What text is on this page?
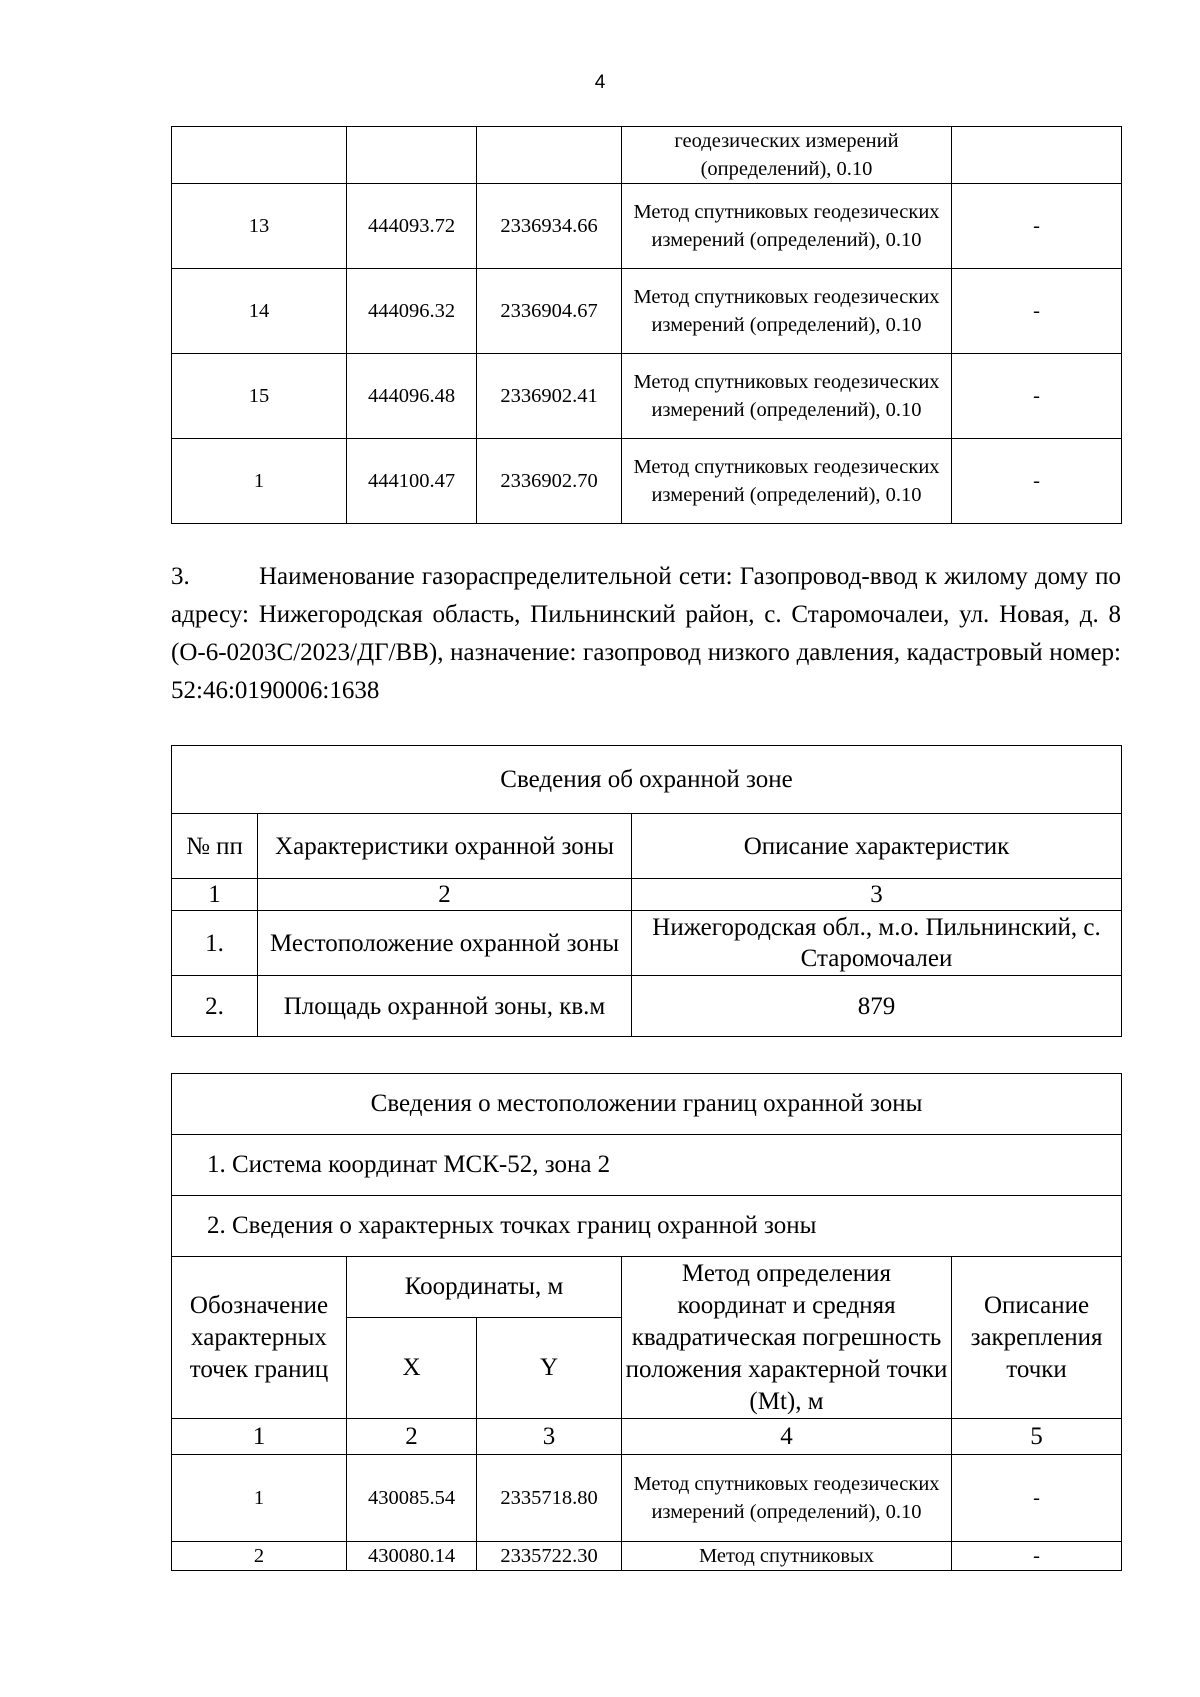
4
			геодезических измерений (определений), 0.10	
13	444093.72	2336934.66	Метод спутниковых геодезических измерений (определений), 0.10	-
14	444096.32	2336904.67	Метод спутниковых геодезических измерений (определений), 0.10	-
15	444096.48	2336902.41	Метод спутниковых геодезических измерений (определений), 0.10	-
1	444100.47	2336902.70	Метод спутниковых геодезических измерений (определений), 0.10	-
3.	Наименование газораспределительной сети: Газопровод-ввод к жилому дому по адресу: Нижегородская область, Пильнинский район, с. Старомочалеи, ул. Новая, д. 8 (О-6-0203С/2023/ДГ/ВВ), назначение: газопровод низкого давления, кадастровый номер: 52:46:0190006:1638
Сведения об охранной зоне		
№ пп	Характеристики охранной зоны	Описание характеристик
1	2	3
1.	Местоположение охранной зоны	Нижегородская обл., м.о. Пильнинский, с. Старомочалеи
2.	Площадь охранной зоны, кв.м	879
Сведения о местоположении границ охранной зоны				
1. Система координат МСК-52, зона 2				
2. Сведения о характерных точках границ охранной зоны				
Обозначение характерных точек границ	Координаты, м		Метод определения координат и средняя квадратическая погрешность положения характерной точки (Mt), м	Описание закрепления точки
	X	Y		
1	2	3	4	5
1	430085.54	2335718.80	Метод спутниковых геодезических измерений (определений), 0.10	-
2	430080.14	2335722.30	Метод спутниковых	-
